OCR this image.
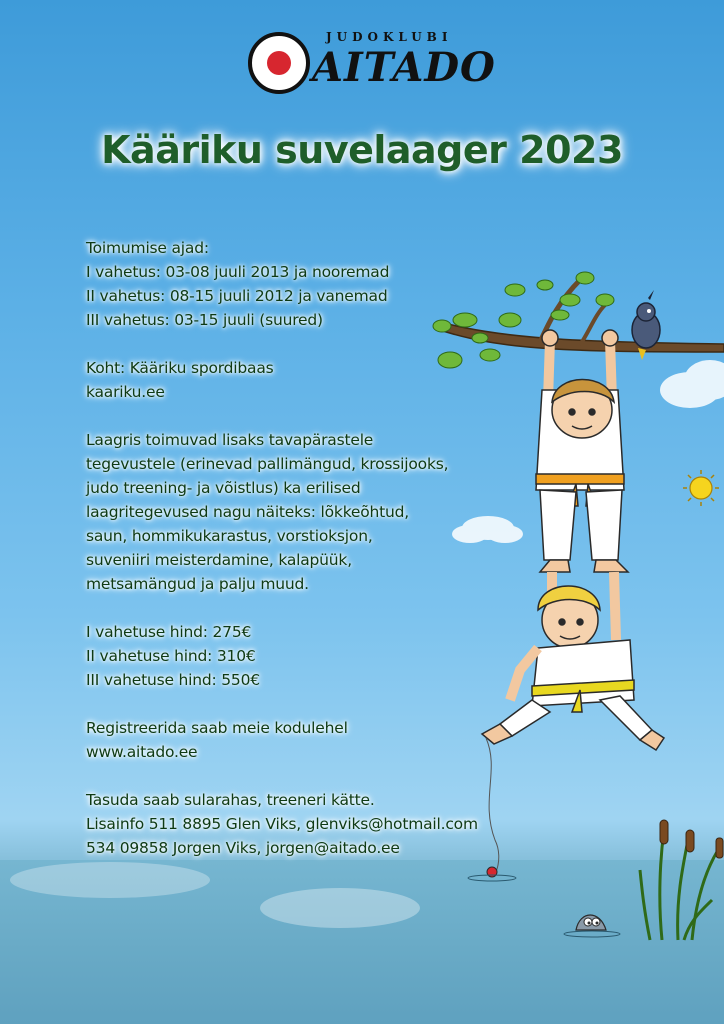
JUDOKLUBI
AITADO
Kääriku suvelaager 2023
Toimumise ajad:
I vahetus: 03-08 juuli 2013 ja nooremad
II vahetus: 08-15 juuli 2012 ja vanemad
III vahetus: 03-15 juuli (suured)
Koht: Kääriku spordibaas
kaariku.ee
Laagris toimuvad lisaks tavapärastele
tegevustele (erinevad pallimängud, krossijooks,
judo treening- ja võistlus) ka erilised
laagritegevused nagu näiteks: lõkkeõhtud,
saun, hommikukarastus, vorstioksjon,
suveniiri meisterdamine, kalapüük,
metsamängud ja palju muud.
I vahetuse hind: 275€
II vahetuse hind: 310€
III vahetuse hind: 550€
Registreerida saab meie kodulehel
www.aitado.ee
Tasuda saab sularahas, treeneri kätte.
Lisainfo 511 8895 Glen Viks, glenviks@hotmail.com
534 09858 Jorgen Viks, jorgen@aitado.ee
